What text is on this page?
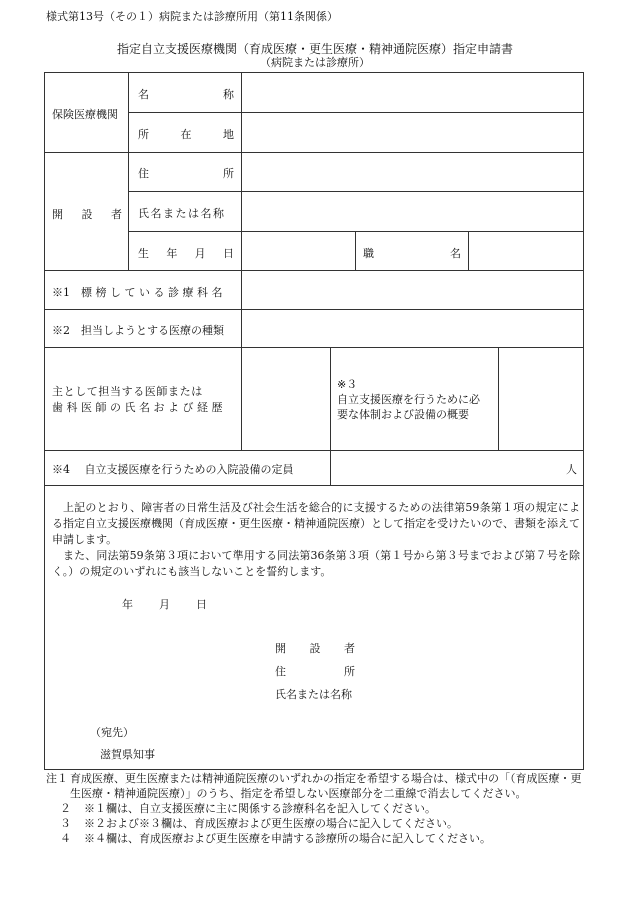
様式第13号（その１）病院または診療所用（第11条関係）
指定自立支援医療機関（育成医療・更生医療・精神通院医療）指定申請書
（病院または診療所）
保険医療機関
名	称
所	在	地
開 設 者
住	所
氏名または名称
生 年 月 日	職	名
※1　標 榜 し て い る 診 療 科 名
※2　担当しようとする医療の種類
主として担当する医師または
歯 科 医 師 の 氏 名 お よ び 経 歴
※３
自立支援医療を行うために必
要な体制および設備の概要
※4　 自立支援医療を行うための入院設備の定員	人

上記のとおり、障害者の日常生活及び社会生活を総合的に支援するための法律第59条第１項の規定による指定自立支援医療機関（育成医療・更生医療・精神通院医療）として指定を受けたいので、書類を添えて申請します。

また、同法第59条第３項において準用する同法第36条第３項（第１号から第３号までおよび第７号を除く。）の規定のいずれにも該当しないことを誓約します。

年 月 日
開 設 者
住	所
氏名または名称
（宛先）
滋賀県知事
注１ 育成医療、更生医療または精神通院医療のいずれかの指定を希望する場合は、様式中の「（育成医療・更生医療・精神通院医療）」のうち、指定を希望しない医療部分を二重線で消去してください。
２ ※１欄は、自立支援医療に主に関係する診療科名を記入してください。
３ ※２および※３欄は、育成医療および更生医療の場合に記入してください。
４ ※４欄は、育成医療および更生医療を申請する診療所の場合に記入してください。
